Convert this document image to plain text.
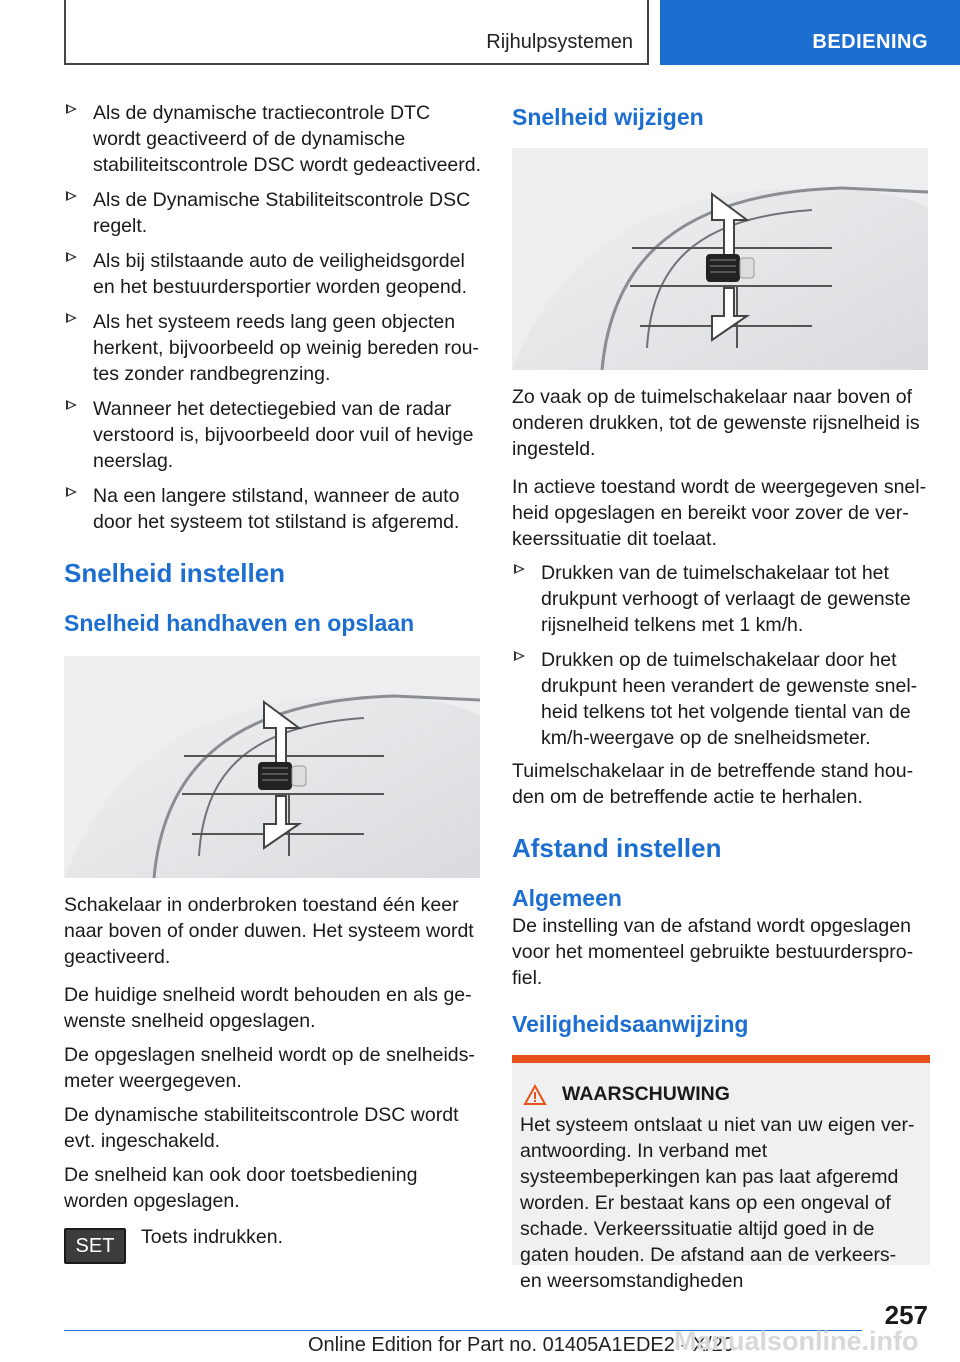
Rijhulpsystemen	BEDIENING
Als de dynamische tractiecontrole DTC wordt geactiveerd of de dynamische stabiliteitscontrole DSC wordt gedeactiveerd.
Als de Dynamische Stabiliteitscontrole DSC regelt.
Als bij stilstaande auto de veiligheidsgordel en het bestuurdersportier worden geopend.
Als het systeem reeds lang geen objecten herkent, bijvoorbeeld op weinig bereden routes zonder randbegrenzing.
Wanneer het detectiegebied van de radar verstoord is, bijvoorbeeld door vuil of hevige neerslag.
Na een langere stilstand, wanneer de auto door het systeem tot stilstand is afgeremd.
Snelheid instellen
Snelheid handhaven en opslaan

Schakelaar in onderbroken toestand één keer naar boven of onder duwen. Het systeem wordt geactiveerd.

De huidige snelheid wordt behouden en als gewenste snelheid opgeslagen.

De opgeslagen snelheid wordt op de snelheidsmeter weergegeven.

De dynamische stabiliteitscontrole DSC wordt evt. ingeschakeld.

De snelheid kan ook door toetsbediening worden opgeslagen.

SET	Toets indrukken.

Snelheid wijzigen

Zo vaak op de tuimelschakelaar naar boven of onderen drukken, tot de gewenste rijsnelheid is ingesteld.

In actieve toestand wordt de weergegeven snelheid opgeslagen en bereikt voor zover de verkeerssituatie dit toelaat.

Drukken van de tuimelschakelaar tot het drukpunt verhoogt of verlaagt de gewenste rijsnelheid telkens met 1 km/h.
Drukken op de tuimelschakelaar door het drukpunt heen verandert de gewenste snelheid telkens tot het volgende tiental van de km/h-weergave op de snelheidsmeter.

Tuimelschakelaar in de betreffende stand houden om de betreffende actie te herhalen.

Afstand instellen
Algemeen

De instelling van de afstand wordt opgeslagen voor het momenteel gebruikte bestuurdersprofiel.

Veiligheidsaanwijzing
WAARSCHUWING

Het systeem ontslaat u niet van uw eigen verantwoording. In verband met systeembeperkingen kan pas laat afgeremd worden. Er bestaat kans op een ongeval of schade. Verkeerssituatie altijd goed in de gaten houden. De afstand aan de verkeers- en weersomstandigheden

257
Online Edition for Part no. 01405A1EDE2 - X/20
Manualsonline.info
